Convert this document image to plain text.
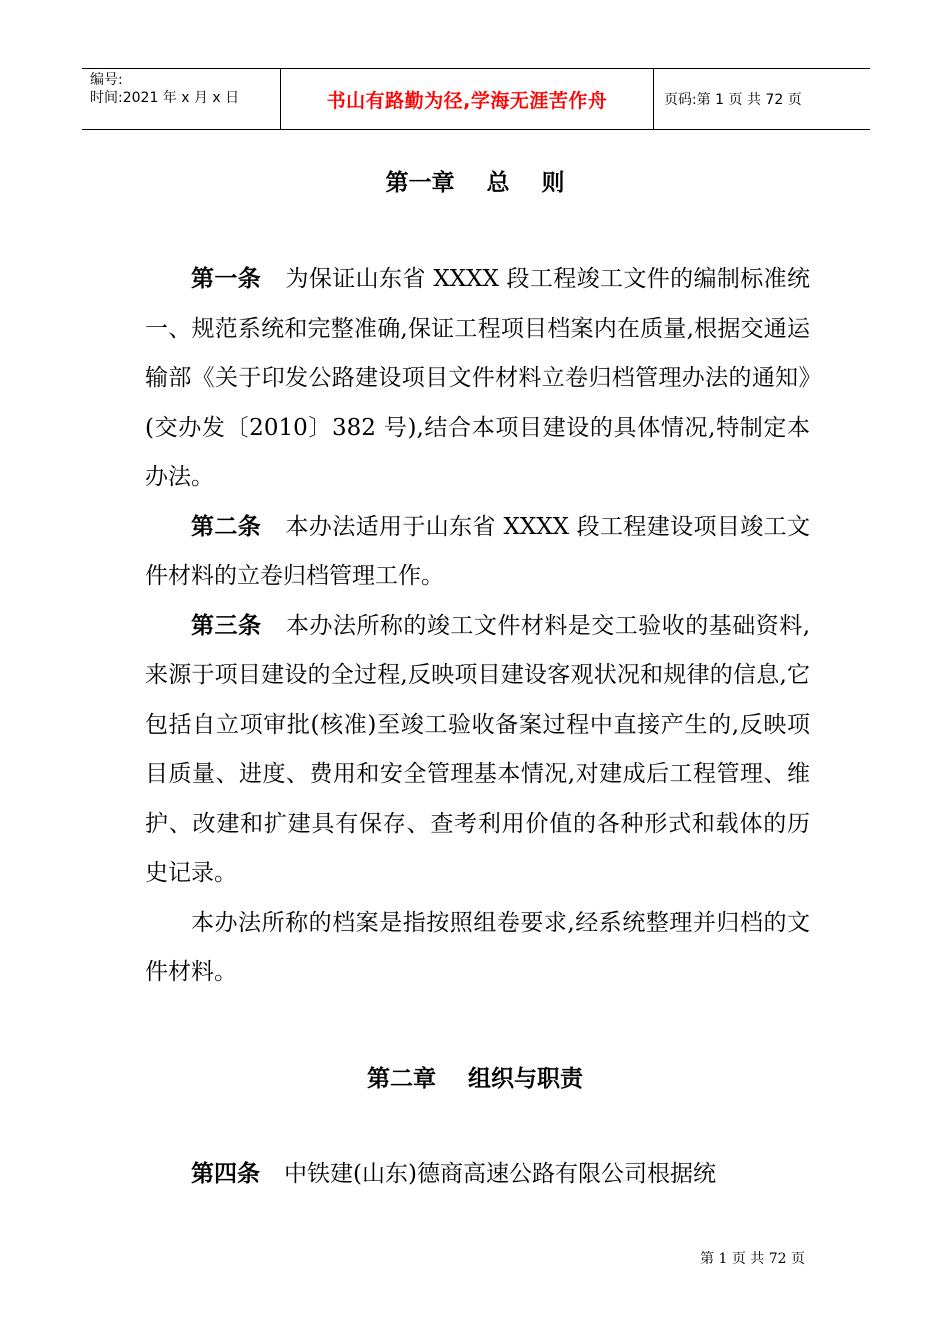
编号:
时间:2021 年 x 月 x 日	书山有路勤为径,学海无涯苦作舟	页码:第 1 页 共 72 页
第一章    总    则

第一条 为保证山东省 XXXX 段工程竣工文件的编制标准统一、规范系统和完整准确,保证工程项目档案内在质量,根据交通运输部《关于印发公路建设项目文件材料立卷归档管理办法的通知》(交办发〔2010〕382 号),结合本项目建设的具体情况,特制定本办法。

第二条 本办法适用于山东省 XXXX 段工程建设项目竣工文件材料的立卷归档管理工作。

第三条 本办法所称的竣工文件材料是交工验收的基础资料,来源于项目建设的全过程,反映项目建设客观状况和规律的信息,它包括自立项审批(核准)至竣工验收备案过程中直接产生的,反映项目质量、进度、费用和安全管理基本情况,对建成后工程管理、维护、改建和扩建具有保存、查考利用价值的各种形式和载体的历史记录。

本办法所称的档案是指按照组卷要求,经系统整理并归档的文件材料。

第二章    组织与职责

第四条 中铁建(山东)德商高速公路有限公司根据统

第 1 页 共 72 页
